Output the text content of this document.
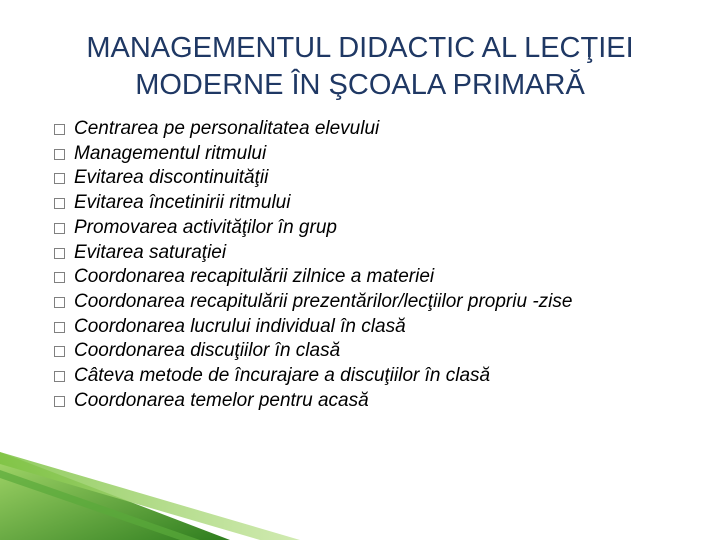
MANAGEMENTUL DIDACTIC AL LECŢIEI
MODERNE ÎN ŞCOALA PRIMARĂ
Centrarea pe personalitatea elevului
Managementul ritmului
Evitarea discontinuităţii
Evitarea încetinirii ritmului
Promovarea activităţilor în grup
Evitarea saturaţiei
Coordonarea recapitulării zilnice a materiei
Coordonarea recapitulării prezentărilor/lecţiilor propriu -zise
Coordonarea lucrului individual în clasă
Coordonarea discuţiilor în clasă
Câteva metode de încurajare a discuţiilor în clasă
Coordonarea temelor pentru acasă
